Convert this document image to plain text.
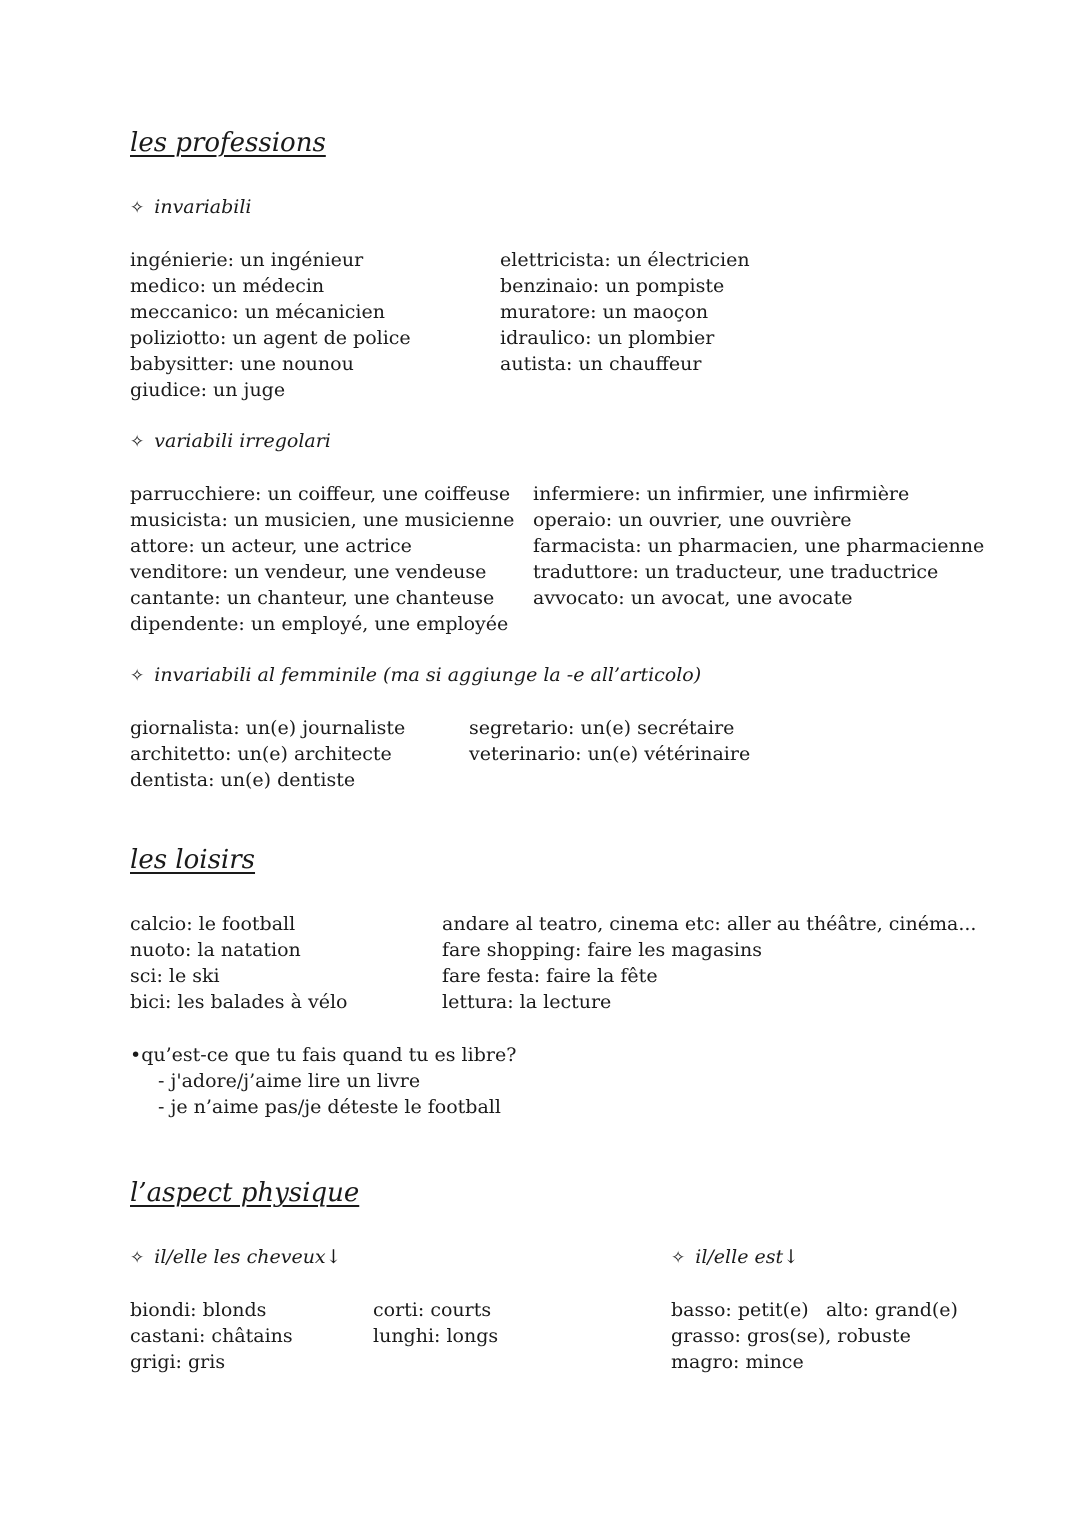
les professions
✧ invariabili
ingénierie: un ingénieur
medico: un médecin
meccanico: un mécanicien
poliziotto: un agent de police
babysitter: une nounou
giudice: un juge
elettricista: un électricien
benzinaio: un pompiste
muratore: un maoçon
idraulico: un plombier
autista: un chauffeur
✧ variabili irregolari
parrucchiere: un coiffeur, une coiffeuse
musicista: un musicien, une musicienne
attore: un acteur, une actrice
venditore: un vendeur, une vendeuse
cantante: un chanteur, une chanteuse
dipendente: un employé, une employée
infermiere: un infirmier, une infirmière
operaio: un ouvrier, une ouvrière
farmacista: un pharmacien, une pharmacienne
traduttore: un traducteur, une traductrice
avvocato: un avocat, une avocate
✧ invariabili al femminile (ma si aggiunge la -e all’articolo)
giornalista: un(e) journaliste
architetto: un(e) architecte
dentista: un(e) dentiste
segretario: un(e) secrétaire
veterinario: un(e) vétérinaire
les loisirs
calcio: le football
nuoto: la natation
sci: le ski
bici: les balades à vélo
andare al teatro, cinema etc: aller au théâtre, cinéma...
fare shopping: faire les magasins
fare festa: faire la fête
lettura: la lecture
•qu’est-ce que tu fais quand tu es libre?
- j'adore/j’aime lire un livre
- je n’aime pas/je déteste le football
l’aspect physique
✧ il/elle les cheveux↓	✧ il/elle est↓
biondi: blonds
castani: châtains
grigi: gris
corti: courts
lunghi: longs
basso: petit(e)
grasso: gros(se), robuste
magro: mince
alto: grand(e)
